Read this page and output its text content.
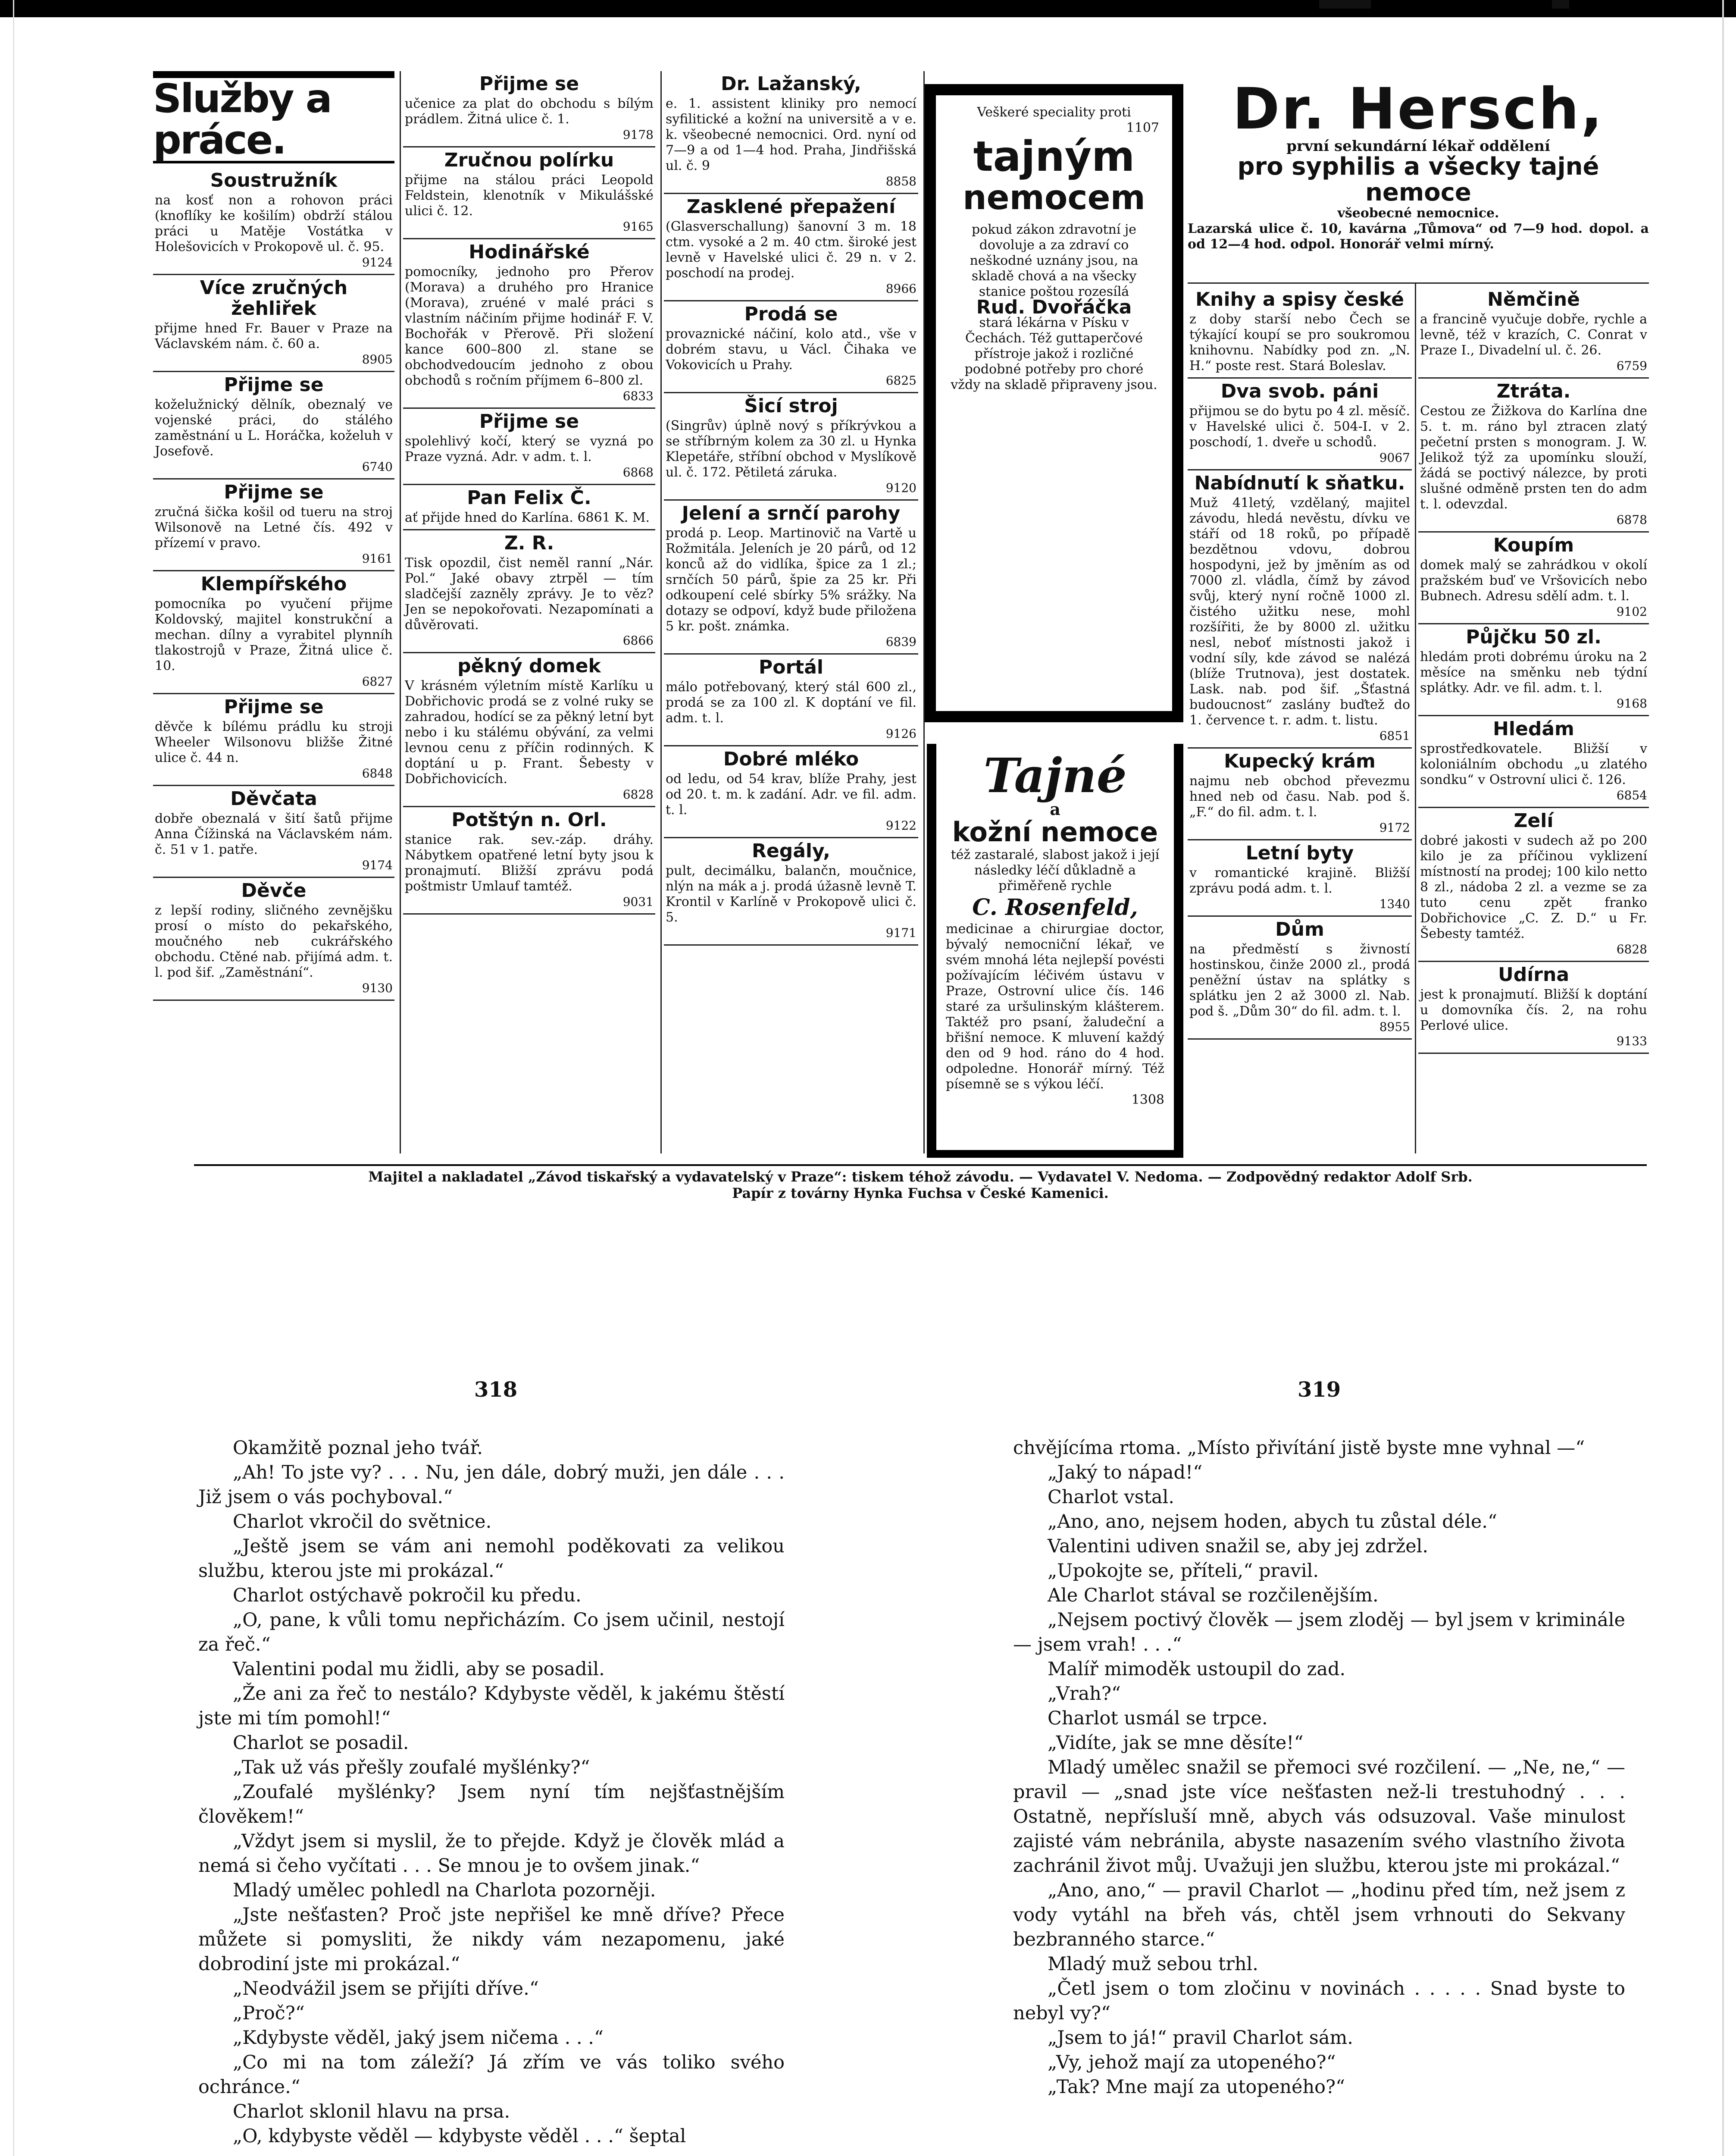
Služby a práce.
Soustružník
na kosť non a rohovon práci (knoflíky ke košilím) obdrží stálou práci u Matěje Vostátka v Holešovicích v Prokopově ul. č. 95.
9124
Více zručných žehliřek
přijme hned Fr. Bauer v Praze na Václavském nám. č. 60 a.
8905
Přijme se
koželužnický dělník, obeznalý ve vojenské práci, do stálého zaměstnání u L. Horáčka, koželuh v Josefově.
6740
Přijme se
zručná šička košil od tueru na stroj Wilsonově na Letné čís. 492 v přízemí v pravo.
9161
Klempířského
pomocníka po vyučení přijme Koldovský, majitel konstrukční a mechan. dílny a vyrabitel plynníh tlakostrojů v Praze, Žitná ulice č. 10.
6827
Přijme se
děvče k bílému prádlu ku stroji Wheeler Wilsonovu bližše Žitné ulice č. 44 n.
6848
Děvčata
dobře obeznalá v šití šatů přijme Anna Čížinská na Václavském nám. č. 51 v 1. patře.
9174
Děvče
z lepší rodiny, sličného zevnějšku prosí o místo do pekařského, moučného neb cukrářského obchodu. Ctěné nab. přijímá adm. t. l. pod šif. „Zaměstnání“.
9130
Přijme se
učenice za plat do obchodu s bílým prádlem. Žitná ulice č. 1.
9178
Zručnou polírku
přijme na stálou práci Leopold Feldstein, klenotník v Mikulášské ulici č. 12.
9165
Hodinářské
pomocníky, jednoho pro Přerov (Morava) a druhého pro Hranice (Morava), zruéné v malé práci s vlastním náčiním přijme hodinář F. V. Bochořák v Přerově. Při složení kance 600–800 zl. stane se obchodvedoucím jednoho z obou obchodů s ročním příjmem 6–800 zl.
6833
Přijme se
spolehlivý kočí, který se vyzná po Praze vyzná. Adr. v adm. t. l.
6868
Pan Felix Č.
ať přijde hned do Karlína. 6861 K. M.
Z. R.
Tisk opozdil, čist neměl ranní „Nár. Pol.“ Jaké obavy ztrpěl — tím sladčejší zazněly zprávy. Je to věz? Jen se nepokořovati. Nezapomínati a důvěrovati.
6866
pěkný domek
V krásném výletním místě Karlíku u Dobřichovic prodá se z volné ruky se zahradou, hodící se za pěkný letní byt nebo i ku stálému obývání, za velmi levnou cenu z příčin rodinných. K doptání u p. Frant. Šebesty v Dobřichovicích.
6828
Potštýn n. Orl.
stanice rak. sev.-záp. dráhy. Nábytkem opatřené letní byty jsou k pronajmutí. Bližší zprávu podá poštmistr Umlauf tamtéž.
9031
Dr. Lažanský,
e. 1. assistent kliniky pro nemocí syfilitické a kožní na universitě a v e. k. všeobecné nemocnici. Ord. nyní od 7—9 a od 1—4 hod. Praha, Jindřišská ul. č. 9
8858
Zasklené přepažení
(Glasverschallung) šanovní 3 m. 18 ctm. vysoké a 2 m. 40 ctm. široké jest levně v Havelské ulici č. 29 n. v 2. poschodí na prodej.
8966
Prodá se
provaznické náčiní, kolo atd., vše v dobrém stavu, u Václ. Čihaka ve Vokovicích u Prahy.
6825
Šicí stroj
(Singrův) úplně nový s příkrývkou a se stříbrným kolem za 30 zl. u Hynka Klepetáře, stříbní obchod v Myslíkově ul. č. 172. Pětiletá záruka.
9120
Jelení a srnčí parohy
prodá p. Leop. Martinovič na Vartě u Rožmitála. Jeleních je 20 párů, od 12 konců až do vidlíka, špice za 1 zl.; srnčích 50 párů, špie za 25 kr. Při odkoupení celé sbírky 5% srážky. Na dotazy se odpoví, když bude přiložena 5 kr. pošt. známka.
6839
Portál
málo potřebovaný, který stál 600 zl., prodá se za 100 zl. K doptání ve fil. adm. t. l.
9126
Dobré mléko
od ledu, od 54 krav, blíže Prahy, jest od 20. t. m. k zadání. Adr. ve fil. adm. t. l.
9122
Regály,
pult, decimálku, balančn, moučnice, nlýn na mák a j. prodá úžasně levně T. Krontil v Karlíně v Prokopově ulici č. 5.
9171
Veškeré speciality proti
1107
tajným
nemocem
pokud zákon zdravotní je dovoluje a za zdraví co neškodné uznány jsou, na skladě chová a na všecky stanice poštou rozesílá
Rud. Dvořáčka
stará lékárna v Písku v Čechách. Též guttaperčové přístroje jakož i rozličné podobné potřeby pro choré vždy na skladě připraveny jsou.
Tajné
a
kožní nemoce
též zastaralé, slabost jakož i její následky léčí důkladně a přiměřeně rychle
C. Rosenfeld,
medicinae a chirurgiae doctor, bývalý nemocniční lékař, ve svém mnohá léta nejlepší povésti požívajícím léčivém ústavu v Praze, Ostrovní ulice čís. 146 staré za uršulinským klášterem. Taktéž pro psaní, žaludeční a břišní nemoce. K mluvení každý den od 9 hod. ráno do 4 hod. odpoledne. Honorář mírný. Též písemně se s výkou léčí.
1308
Dr. Hersch,
první sekundární lékař oddělení
pro syphilis a všecky tajné nemoce
všeobecné nemocnice.
Lazarská ulice č. 10, kavárna „Tůmova“ od 7—9 hod. dopol. a od 12—4 hod. odpol. Honorář velmi mírný.
Knihy a spisy české
z doby starší nebo Čech se týkající koupí se pro soukromou knihovnu. Nabídky pod zn. „N. H.“ poste rest. Stará Boleslav.
Dva svob. páni
přijmou se do bytu po 4 zl. měsíč. v Havelské ulici č. 504-I. v 2. poschodí, 1. dveře u schodů.
9067
Nabídnutí k sňatku.
Muž 41letý, vzdělaný, majitel závodu, hledá nevěstu, dívku ve stáří od 18 roků, po případě bezdětnou vdovu, dobrou hospodyni, jež by jměním as od 7000 zl. vládla, čímž by závod svůj, který nyní ročně 1000 zl. čistého užitku nese, mohl rozšířiti, že by 8000 zl. užitku nesl, neboť místnosti jakož i vodní síly, kde závod se nalézá (blíže Trutnova), jest dostatek. Lask. nab. pod šif. „Šťastná budoucnost“ zaslány buďtež do 1. července t. r. adm. t. listu.
6851
Kupecký krám
najmu neb obchod převezmu hned neb od času. Nab. pod š. „F.“ do fil. adm. t. l.
9172
Letní byty
v romantické krajině. Bližší zprávu podá adm. t. l.
1340
Dům
na předměstí s živností hostinskou, činže 2000 zl., prodá peněžní ústav na splátky s splátku jen 2 až 3000 zl. Nab. pod š. „Dům 30“ do fil. adm. t. l.
8955
Němčině
a francině vyučuje dobře, rychle a levně, též v krazích, C. Conrat v Praze I., Divadelní ul. č. 26.
6759
Ztráta.
Cestou ze Žižkova do Karlína dne 5. t. m. ráno byl ztracen zlatý pečetní prsten s monogram. J. W. Jelikož týž za upomínku slouží, žádá se poctivý nálezce, by proti slušné odměně prsten ten do adm t. l. odevzdal.
6878
Koupím
domek malý se zahrádkou v okolí pražském buď ve Vršovicích nebo Bubnech. Adresu sdělí adm. t. l.
9102
Půjčku 50 zl.
hledám proti dobrému úroku na 2 měsíce na směnku neb týdní splátky. Adr. ve fil. adm. t. l.
9168
Hledám
sprostředkovatele. Bližší v koloniálním obchodu „u zlatého sondku“ v Ostrovní ulici č. 126.
6854
Zelí
dobré jakosti v sudech až po 200 kilo je za příčinou vyklizení místností na prodej; 100 kilo netto 8 zl., nádoba 2 zl. a vezme se za tuto cenu zpět franko Dobřichovice „C. Z. D.“ u Fr. Šebesty tamtéž.
6828
Udírna
jest k pronajmutí. Bližší k doptání u domovníka čís. 2, na rohu Perlové ulice.
9133
Majitel a nakladatel „Závod tiskařský a vydavatelský v Praze“: tiskem téhož závodu. — Vydavatel V. Nedoma. — Zodpovědný redaktor Adolf Srb.
Papír z továrny Hynka Fuchsa v České Kamenici.
318	319

Okamžitě poznal jeho tvář.

„Ah! To jste vy? . . . Nu, jen dále, dobrý muži, jen dále . . . Již jsem o vás pochyboval.“

Charlot vkročil do světnice.

„Ještě jsem se vám ani nemohl poděkovati za velikou službu, kterou jste mi prokázal.“

Charlot ostýchavě pokročil ku předu.

„O, pane, k vůli tomu nepřicházím. Co jsem učinil, nestojí za řeč.“

Valentini podal mu židli, aby se posadil.

„Že ani za řeč to nestálo? Kdybyste věděl, k jakému štěstí jste mi tím pomohl!“

Charlot se posadil.

„Tak už vás přešly zoufalé myšlénky?“

„Zoufalé myšlénky? Jsem nyní tím nejšťastnějším člověkem!“

„Vždyt jsem si myslil, že to přejde. Když je člověk mlád a nemá si čeho vyčítati . . . Se mnou je to ovšem jinak.“

Mladý umělec pohledl na Charlota pozorněji.

„Jste nešťasten? Proč jste nepřišel ke mně dříve? Přece můžete si pomysliti, že nikdy vám nezapomenu, jaké dobrodiní jste mi prokázal.“

„Neodvážil jsem se přijíti dříve.“

„Proč?“

„Kdybyste věděl, jaký jsem ničema . . .“

„Co mi na tom záleží? Já zřím ve vás toliko svého ochránce.“

Charlot sklonil hlavu na prsa.

„O, kdybyste věděl — kdybyste věděl . . .“ šeptal

chvějícíma rtoma. „Místo přivítání jistě byste mne vyhnal —“

„Jaký to nápad!“

Charlot vstal.

„Ano, ano, nejsem hoden, abych tu zůstal déle.“

Valentini udiven snažil se, aby jej zdržel.

„Upokojte se, příteli,“ pravil.

Ale Charlot stával se rozčilenějším.

„Nejsem poctivý člověk — jsem zloděj — byl jsem v kriminále — jsem vrah! . . .“

Malíř mimoděk ustoupil do zad.

„Vrah?“

Charlot usmál se trpce.

„Vidíte, jak se mne děsíte!“

Mladý umělec snažil se přemoci své rozčilení. — „Ne, ne,“ — pravil — „snad jste více nešťasten než-li trestuhodný . . . Ostatně, nepřísluší mně, abych vás odsuzoval. Vaše minulost zajisté vám nebránila, abyste nasazením svého vlastního života zachránil život můj. Uvažuji jen službu, kterou jste mi prokázal.“

„Ano, ano,“ — pravil Charlot — „hodinu před tím, než jsem z vody vytáhl na břeh vás, chtěl jsem vrhnouti do Sekvany bezbranného starce.“

Mladý muž sebou trhl.

„Četl jsem o tom zločinu v novinách . . . . . Snad byste to nebyl vy?“

„Jsem to já!“ pravil Charlot sám.

„Vy, jehož mají za utopeného?“

„Tak? Mne mají za utopeného?“
